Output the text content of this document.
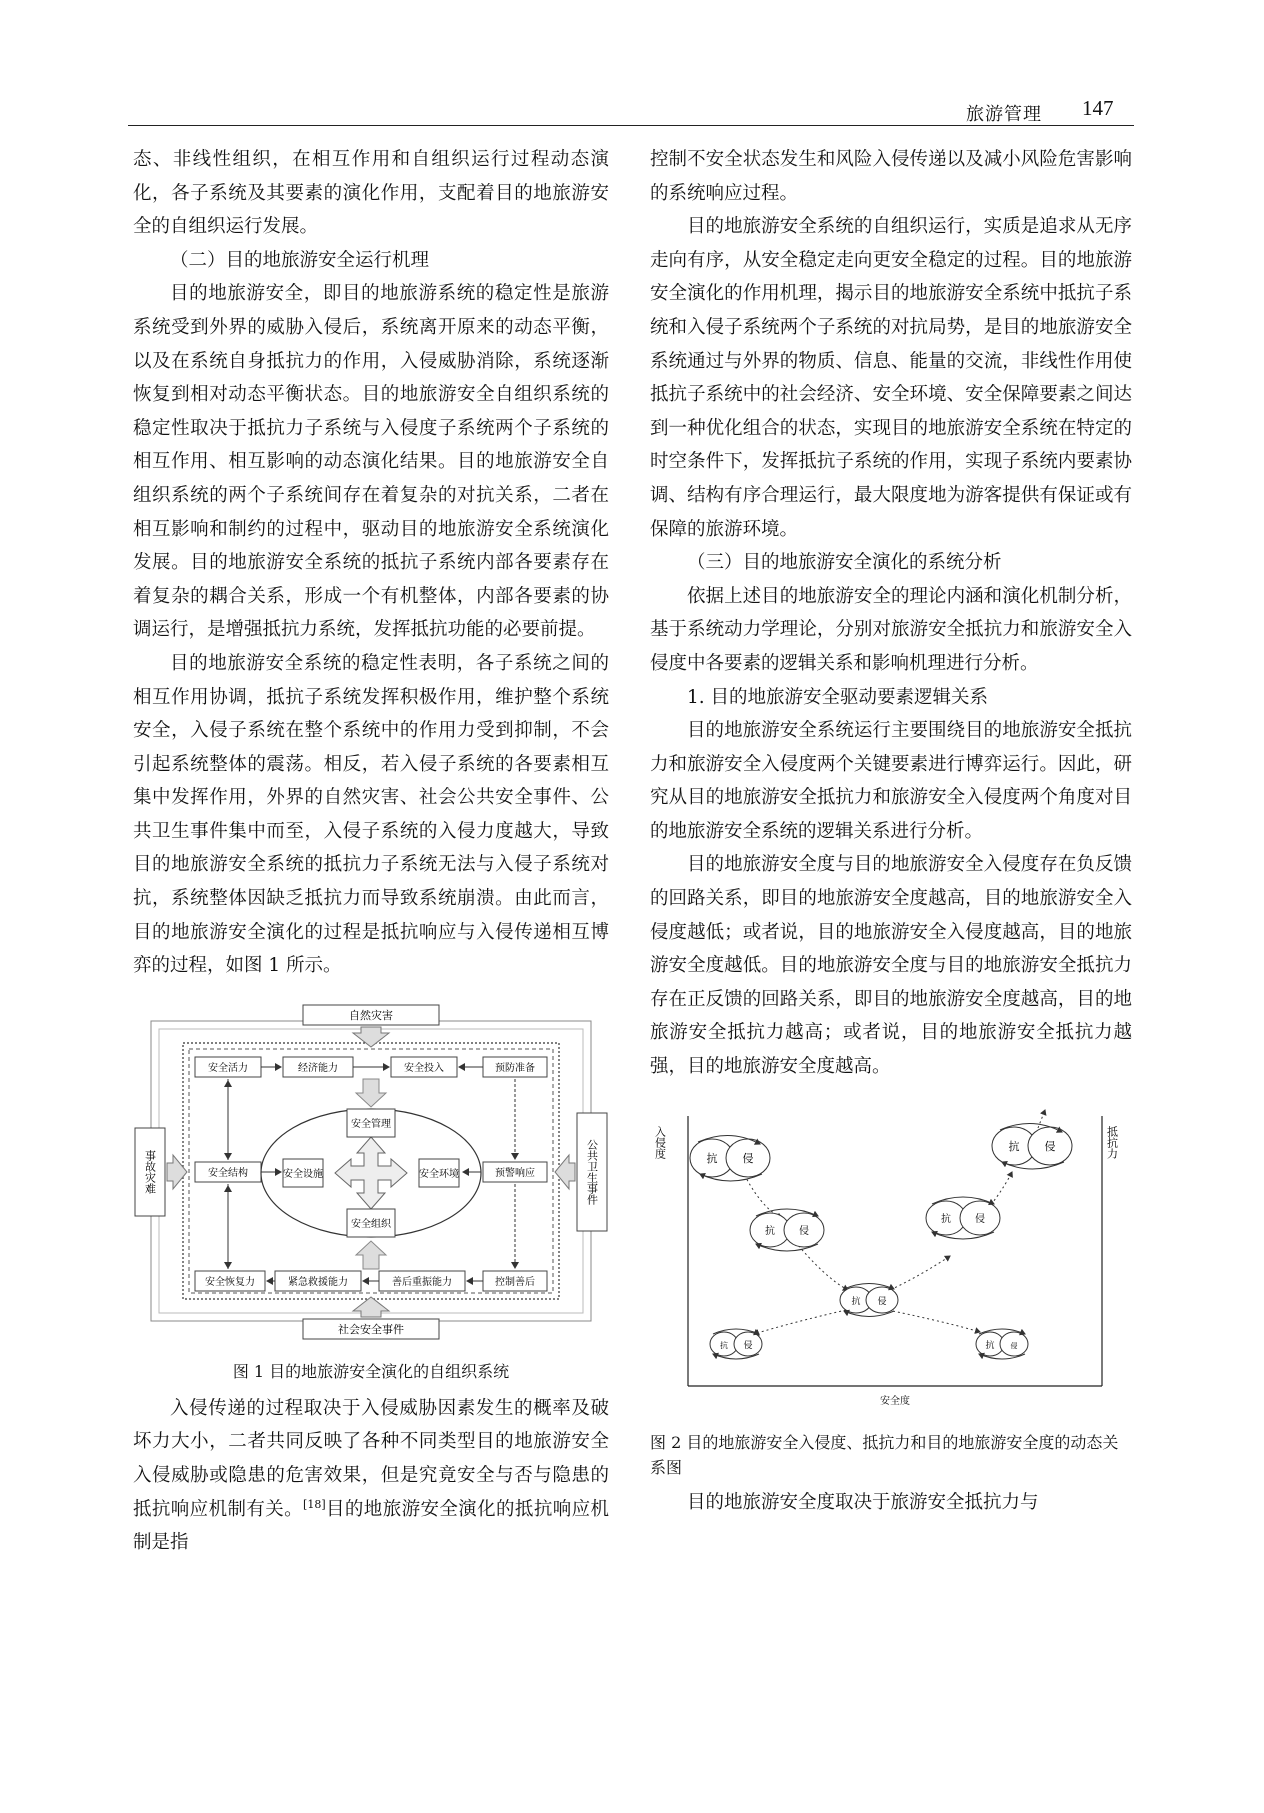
旅游管理 147

态、非线性组织，在相互作用和自组织运行过程动态演化，各子系统及其要素的演化作用，支配着目的地旅游安全的自组织运行发展。

（二）目的地旅游安全运行机理

目的地旅游安全，即目的地旅游系统的稳定性是旅游系统受到外界的威胁入侵后，系统离开原来的动态平衡，以及在系统自身抵抗力的作用，入侵威胁消除，系统逐渐恢复到相对动态平衡状态。目的地旅游安全自组织系统的稳定性取决于抵抗力子系统与入侵度子系统两个子系统的相互作用、相互影响的动态演化结果。目的地旅游安全自组织系统的两个子系统间存在着复杂的对抗关系，二者在相互影响和制约的过程中，驱动目的地旅游安全系统演化发展。目的地旅游安全系统的抵抗子系统内部各要素存在着复杂的耦合关系，形成一个有机整体，内部各要素的协调运行，是增强抵抗力系统，发挥抵抗功能的必要前提。

目的地旅游安全系统的稳定性表明，各子系统之间的相互作用协调，抵抗子系统发挥积极作用，维护整个系统安全，入侵子系统在整个系统中的作用力受到抑制，不会引起系统整体的震荡。相反，若入侵子系统的各要素相互集中发挥作用，外界的自然灾害、社会公共安全事件、公共卫生事件集中而至，入侵子系统的入侵力度越大，导致目的地旅游安全系统的抵抗力子系统无法与入侵子系统对抗，系统整体因缺乏抵抗力而导致系统崩溃。由此而言，目的地旅游安全演化的过程是抵抗响应与入侵传递相互博弈的过程，如图 1 所示。

自然灾害
社会安全事件
事故灾难	公共卫生事件
安全活力	经济能力	安全投入	预防准备
安全结构	预警响应
安全恢复力	紧急救援能力	善后重振能力	控制善后
安全管理
安全组织
安全设施	安全环境
图 1 目的地旅游安全演化的自组织系统

入侵传递的过程取决于入侵威胁因素发生的概率及破坏力大小，二者共同反映了各种不同类型目的地旅游安全入侵威胁或隐患的危害效果，但是究竟安全与否与隐患的抵抗响应机制有关。[18]目的地旅游安全演化的抵抗响应机制是指

控制不安全状态发生和风险入侵传递以及减小风险危害影响的系统响应过程。

目的地旅游安全系统的自组织运行，实质是追求从无序走向有序，从安全稳定走向更安全稳定的过程。目的地旅游安全演化的作用机理，揭示目的地旅游安全系统中抵抗子系统和入侵子系统两个子系统的对抗局势，是目的地旅游安全系统通过与外界的物质、信息、能量的交流，非线性作用使抵抗子系统中的社会经济、安全环境、安全保障要素之间达到一种优化组合的状态，实现目的地旅游安全系统在特定的时空条件下，发挥抵抗子系统的作用，实现子系统内要素协调、结构有序合理运行，最大限度地为游客提供有保证或有保障的旅游环境。

（三）目的地旅游安全演化的系统分析

依据上述目的地旅游安全的理论内涵和演化机制分析，基于系统动力学理论，分别对旅游安全抵抗力和旅游安全入侵度中各要素的逻辑关系和影响机理进行分析。

1. 目的地旅游安全驱动要素逻辑关系

目的地旅游安全系统运行主要围绕目的地旅游安全抵抗力和旅游安全入侵度两个关键要素进行博弈运行。因此，研究从目的地旅游安全抵抗力和旅游安全入侵度两个角度对目的地旅游安全系统的逻辑关系进行分析。

目的地旅游安全度与目的地旅游安全入侵度存在负反馈的回路关系，即目的地旅游安全度越高，目的地旅游安全入侵度越低；或者说，目的地旅游安全入侵度越高，目的地旅游安全度越低。目的地旅游安全度与目的地旅游安全抵抗力存在正反馈的回路关系，即目的地旅游安全度越高，目的地旅游安全抵抗力越高；或者说，目的地旅游安全抵抗力越强，目的地旅游安全度越高。

入侵度	抵抗力
安全度
抗 侵
抗 侵
抗 侵
抗 侵
抗 侵
抗 侵	抗 侵
图 2 目的地旅游安全入侵度、抵抗力和目的地旅游安全度的动态关系图

目的地旅游安全度取决于旅游安全抵抗力与
